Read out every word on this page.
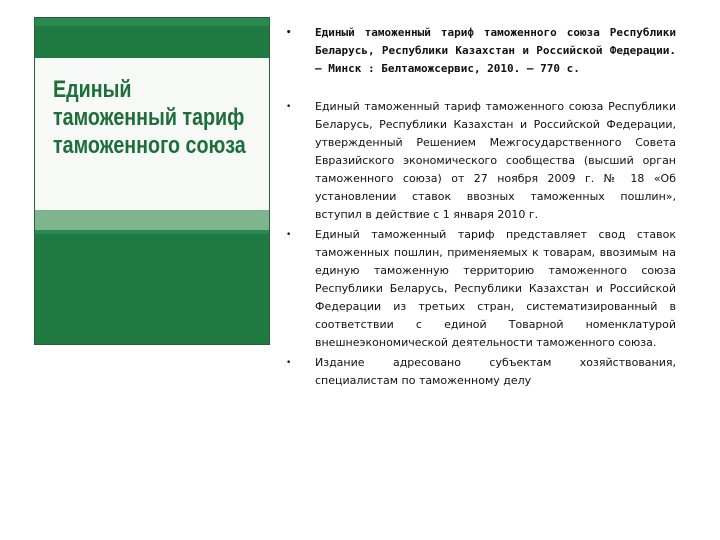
Единый
таможенный тариф
таможенного союза
• Единый таможенный тариф таможенного союза Республики Беларусь, Республики Казахстан и Российской Федерации. — Минск : Белтаможсервис, 2010. — 770 с.
• Единый таможенный тариф таможенного союза Республики Беларусь, Республики Казахстан и Российской Федерации, утвержденный Решением Межгосударственного Совета Евразийского экономического сообщества (высший орган таможенного союза) от 27 ноября 2009 г. № 18 «Об установлении ставок ввозных таможенных пошлин», вступил в действие с 1 января 2010 г.
• Единый таможенный тариф представляет свод ставок таможенных пошлин, применяемых к товарам, ввозимым на единую таможенную территорию таможенного союза Республики Беларусь, Республики Казахстан и Российской Федерации из третьих стран, систематизированный в соответствии с единой Товарной номенклатурой внешнеэкономической деятельности таможенного союза.
• Издание адресовано субъектам хозяйствования, специалистам по таможенному делу
